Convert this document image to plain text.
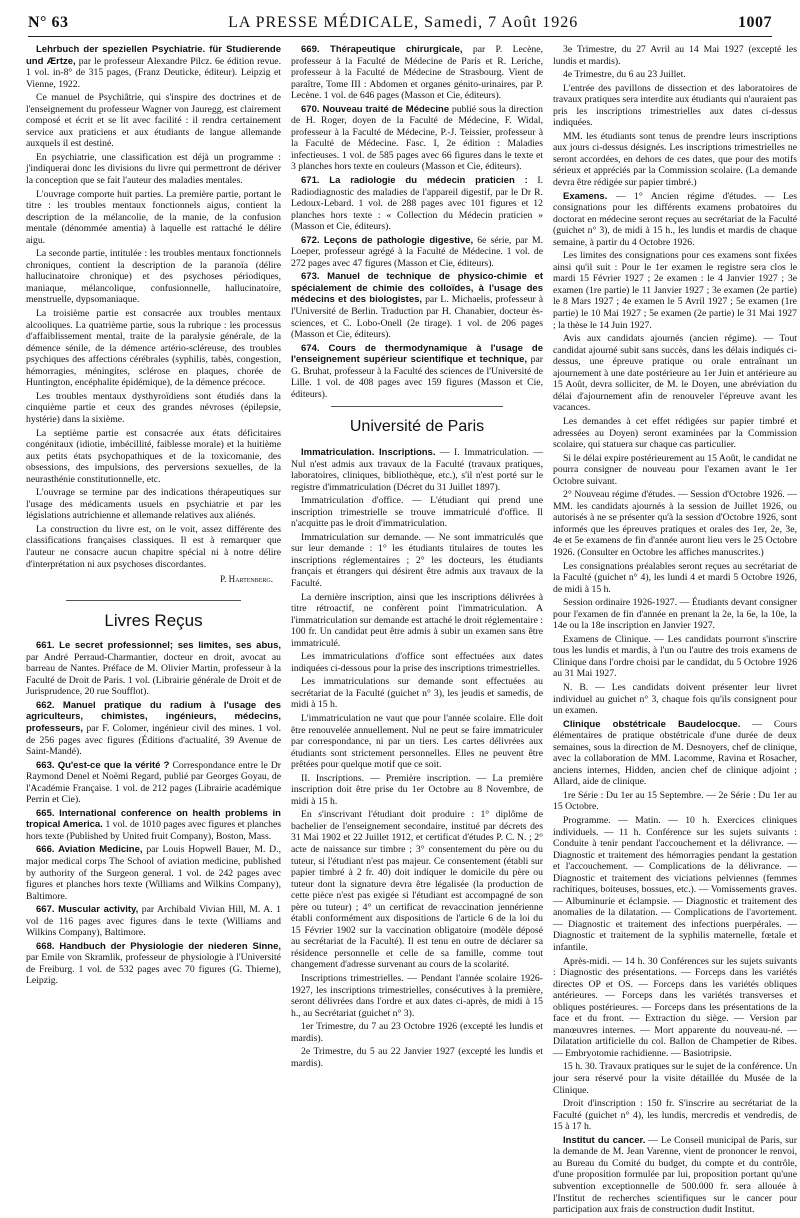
N° 63	LA PRESSE MÉDICALE, Samedi, 7 Août 1926	1007

Lehrbuch der speziellen Psychiatrie. für Studierende und Ærtze, par le professeur Alexandre Pilcz. 6e édition revue. 1 vol. in-8° de 315 pages, (Franz Deuticke, éditeur). Leipzig et Vienne, 1922.

Ce manuel de Psychiâtrie, qui s'inspire des doctrines et de l'enseignement du professeur Wagner von Jauregg, est clairement composé et écrit et se lit avec facilité : il rendra certainement service aux praticiens et aux étudiants de langue allemande auxquels il est destiné.

En psychiatrie, une classification est déjà un programme : j'indiquerai donc les divisions du livre qui permettront de dériver la conception que se fait l'auteur des maladies mentales.

L'ouvrage comporte huit parties. La première partie, portant le titre : les troubles mentaux fonctionnels aigus, contient la description de la mélancolie, de la manie, de la confusion mentale (dénommée amentia) à laquelle est rattaché le délire aigu.

La seconde partie, intitulée : les troubles mentaux fonctionnels chroniques, contient la description de la paranoïa (délire hallucinatoire chronique) et des psychoses périodiques, maniaque, mélancolique, confusionnelle, hallucinatoire, menstruelle, dypsomaniaque.

La troisième partie est consacrée aux troubles mentaux alcooliques. La quatrième partie, sous la rubrique : les processus d'affaiblissement mental, traite de la paralysie générale, de la démence sénile, de la démence artério-scléreuse, des troubles psychiques des affections cérébrales (syphilis, tabès, congestion, hémorragies, méningites, sclérose en plaques, chorée de Huntington, encéphalite épidémique), de la démence précoce.

Les troubles mentaux dysthyroïdiens sont étudiés dans la cinquième partie et ceux des grandes névroses (épilepsie, hystérie) dans la sixième.

La septième partie est consacrée aux états déficitaires congénitaux (idiotie, imbécillité, faiblesse morale) et la huitième aux petits états psychopathiques et de la toxicomanie, des obsessions, des impulsions, des perversions sexuelles, de la neurasthénie constitutionnelle, etc.

L'ouvrage se termine par des indications thérapeutiques sur l'usage des médicaments usuels en psychiatrie et par les législations autrichienne et allemande relatives aux aliénés.

La construction du livre est, on le voit, assez différente des classifications françaises classiques. Il est à remarquer que l'auteur ne consacre aucun chapitre spécial ni à notre délire d'interprétation ni aux psychoses discordantes.

P. Hartenberg.
Livres Reçus

661. Le secret professionnel; ses limites, ses abus, par André Perraud-Charmantier, docteur en droit, avocat au barreau de Nantes. Préface de M. Olivier Martin, professeur à la Faculté de Droit de Paris. 1 vol. (Librairie générale de Droit et de Jurisprudence, 20 rue Soufflot).

662. Manuel pratique du radium à l'usage des agriculteurs, chimistes, ingénieurs, médecins, professeurs, par F. Colomer, ingénieur civil des mines. 1 vol. de 256 pages avec figures (Éditions d'actualité, 39 Avenue de Saint-Mandé).

663. Qu'est-ce que la vérité ? Correspondance entre le Dr Raymond Denel et Noëmi Regard, publié par Georges Goyau, de l'Académie Française. 1 vol. de 212 pages (Librairie académique Perrin et Cie).

665. International conference on health problems in tropical America. 1 vol. de 1010 pages avec figures et planches hors texte (Published by United fruit Company), Boston, Mass.

666. Aviation Medicine, par Louis Hopwell Bauer, M. D., major medical corps The School of aviation medicine, published by authority of the Surgeon general. 1 vol. de 242 pages avec figures et planches hors texte (Williams and Wilkins Company), Baltimore.

667. Muscular activity, par Archibald Vivian Hill, M. A. 1 vol de 116 pages avec figures dans le texte (Williams and Wilkins Company), Baltimore.

668. Handbuch der Physiologie der niederen Sinne, par Emile von Skramlik, professeur de physiologie à l'Université de Freiburg. 1 vol. de 532 pages avec 70 figures (G. Thieme), Leipzig.

669. Thérapeutique chirurgicale, par P. Lecène, professeur à la Faculté de Médecine de Paris et R. Leriche, professeur à la Faculté de Médecine de Strasbourg. Vient de paraître, Tome III : Abdomen et organes génito-urinaires, par P. Lecène. 1 vol. de 646 pages (Masson et Cie, éditeurs).

670. Nouveau traité de Médecine publié sous la direction de H. Roger, doyen de la Faculté de Médecine, F. Widal, professeur à la Faculté de Médecine, P.-J. Teissier, professeur à la Faculté de Médecine. Fasc. I, 2e édition : Maladies infectieuses. 1 vol. de 585 pages avec 66 figures dans le texte et 3 planches hors texte en couleurs (Masson et Cie, éditeurs).

671. La radiologie du médecin praticien : I. Radiodiagnostic des maladies de l'appareil digestif, par le Dr R. Ledoux-Lebard. 1 vol. de 288 pages avec 101 figures et 12 planches hors texte : « Collection du Médecin praticien » (Masson et Cie, éditeurs).

672. Leçons de pathologie digestive, 6e série, par M. Loeper, professeur agrégé à la Faculté de Médecine. 1 vol. de 272 pages avec 47 figures (Masson et Cie, éditeurs).

673. Manuel de technique de physico-chimie et spécialement de chimie des colloïdes, à l'usage des médecins et des biologistes, par L. Michaelis, professeur à l'Université de Berlin. Traduction par H. Chanabier, docteur ès-sciences, et C. Lobo-Onell (2e tirage). 1 vol. de 206 pages (Masson et Cie, éditeurs).

674. Cours de thermodynamique à l'usage de l'enseignement supérieur scientifique et technique, par G. Bruhat, professeur à la Faculté des sciences de l'Université de Lille. 1 vol. de 408 pages avec 159 figures (Masson et Cie, éditeurs).

Université de Paris

Immatriculation. Inscriptions. — I. Immatriculation. — Nul n'est admis aux travaux de la Faculté (travaux pratiques, laboratoires, cliniques, bibliothèque, etc.), s'il n'est porté sur le registre d'immatriculation (Décret du 31 Juillet 1897).

Immatriculation d'office. — L'étudiant qui prend une inscription trimestrielle se trouve immatriculé d'office. Il n'acquitte pas le droit d'immatriculation.

Immatriculation sur demande. — Ne sont immatriculés que sur leur demande : 1° les étudiants titulaires de toutes les inscriptions réglementaires ; 2° les docteurs, les étudiants français et étrangers qui désirent être admis aux travaux de la Faculté.

La dernière inscription, ainsi que les inscriptions délivrées à titre rétroactif, ne confèrent point l'immatriculation. A l'immatriculation sur demande est attaché le droit réglementaire : 100 fr. Un candidat peut être admis à subir un examen sans être immatriculé.

Les immatriculations d'office sont effectuées aux dates indiquées ci-dessous pour la prise des inscriptions trimestrielles.

Les immatriculations sur demande sont effectuées au secrétariat de la Faculté (guichet n° 3), les jeudis et samedis, de midi à 15 h.

L'immatriculation ne vaut que pour l'année scolaire. Elle doit être renouvelée annuellement. Nul ne peut se faire immatriculer par correspondance, ni par un tiers. Les cartes délivrées aux étudiants sont strictement personnelles. Elles ne peuvent être prêtées pour quelque motif que ce soit.

II. Inscriptions. — Première inscription. — La première inscription doit être prise du 1er Octobre au 8 Novembre, de midi à 15 h.

En s'inscrivant l'étudiant doit produire : 1° diplôme de bachelier de l'enseignement secondaire, institué par décrets des 31 Mai 1902 et 22 Juillet 1912, et certificat d'études P. C. N. ; 2° acte de naissance sur timbre ; 3° consentement du père ou du tuteur, si l'étudiant n'est pas majeur. Ce consentement (établi sur papier timbré à 2 fr. 40) doit indiquer le domicile du père ou tuteur dont la signature devra être légalisée (la production de cette pièce n'est pas exigée si l'étudiant est accompagné de son père ou tuteur) ; 4° un certificat de revaccination jennérienne établi conformément aux dispositions de l'article 6 de la loi du 15 Février 1902 sur la vaccination obligatoire (modèle déposé au secrétariat de la Faculté). Il est tenu en outre de déclarer sa résidence personnelle et celle de sa famille, comme tout changement d'adresse survenant au cours de la scolarité.

Inscriptions trimestrielles. — Pendant l'année scolaire 1926-1927, les inscriptions trimestrielles, consécutives à la première, seront délivrées dans l'ordre et aux dates ci-après, de midi à 15 h., au Secrétariat (guichet n° 3).

1er Trimestre, du 7 au 23 Octobre 1926 (excepté les lundis et mardis).

2e Trimestre, du 5 au 22 Janvier 1927 (excepté les lundis et mardis).

3e Trimestre, du 27 Avril au 14 Mai 1927 (excepté les lundis et mardis).

4e Trimestre, du 6 au 23 Juillet.

L'entrée des pavillons de dissection et des laboratoires de travaux pratiques sera interdite aux étudiants qui n'auraient pas pris les inscriptions trimestrielles aux dates ci-dessus indiquées.

MM. les étudiants sont tenus de prendre leurs inscriptions aux jours ci-dessus désignés. Les inscriptions trimestrielles ne seront accordées, en dehors de ces dates, que pour des motifs sérieux et appréciés par la Commission scolaire. (La demande devra être rédigée sur papier timbré.)

Examens. — 1° Ancien régime d'études. — Les consignations pour les différents examens probatoires du doctorat en médecine seront reçues au secrétariat de la Faculté (guichet n° 3), de midi à 15 h., les lundis et mardis de chaque semaine, à partir du 4 Octobre 1926.

Les limites des consignations pour ces examens sont fixées ainsi qu'il suit : Pour le 1er examen le registre sera clos le mardi 15 Février 1927 ; 2e examen : le 4 Janvier 1927 ; 3e examen (1re partie) le 11 Janvier 1927 ; 3e examen (2e partie) le 8 Mars 1927 ; 4e examen le 5 Avril 1927 ; 5e examen (1re partie) le 10 Mai 1927 ; 5e examen (2e partie) le 31 Mai 1927 ; la thèse le 14 Juin 1927.

Avis aux candidats ajournés (ancien régime). — Tout candidat ajourné subit sans succès, dans les délais indiqués ci-dessus, une épreuve pratique ou orale entraînant un ajournement à une date postérieure au 1er Juin et antérieure au 15 Août, devra solliciter, de M. le Doyen, une abréviation du délai d'ajournement afin de renouveler l'épreuve avant les vacances.

Les demandes à cet effet rédigées sur papier timbré et adressées au Doyen) seront examinées par la Commission scolaire, qui statuera sur chaque cas particulier.

Si le délai expire postérieurement au 15 Août, le candidat ne pourra consigner de nouveau pour l'examen avant le 1er Octobre suivant.

2° Nouveau régime d'études. — Session d'Octobre 1926. — MM. les candidats ajournés à la session de Juillet 1926, ou autorisés à ne se présenter qu'à la session d'Octobre 1926, sont informés que les épreuves pratiques et orales des 1er, 2e, 3e, 4e et 5e examens de fin d'année auront lieu vers le 25 Octobre 1926. (Consulter en Octobre les affiches manuscrites.)

Les consignations préalables seront reçues au secrétariat de la Faculté (guichet n° 4), les lundi 4 et mardi 5 Octobre 1926, de midi à 15 h.

Session ordinaire 1926-1927. — Étudiants devant consigner pour l'examen de fin d'année en prenant la 2e, la 6e, la 10e, la 14e ou la 18e inscription en Janvier 1927.

Examens de Clinique. — Les candidats pourront s'inscrire tous les lundis et mardis, à l'un ou l'autre des trois examens de Clinique dans l'ordre choisi par le candidat, du 5 Octobre 1926 au 31 Mai 1927.

N. B. — Les candidats doivent présenter leur livret individuel au guichet n° 3, chaque fois qu'ils consignent pour un examen.

Clinique obstétricale Baudelocque. — Cours élémentaires de pratique obstétricale d'une durée de deux semaines, sous la direction de M. Desnoyers, chef de clinique, avec la collaboration de MM. Lacomme, Ravina et Rosacher, anciens internes, Hidden, ancien chef de clinique adjoint ; Allard, aide de clinique.

1re Série : Du 1er au 15 Septembre. — 2e Série : Du 1er au 15 Octobre.

Programme. — Matin. — 10 h. Exercices cliniques individuels. — 11 h. Conférence sur les sujets suivants : Conduite à tenir pendant l'accouchement et la délivrance. — Diagnostic et traitement des hémorragies pendant la gestation et l'accouchement. — Complications de la délivrance. — Diagnostic et traitement des viciations pelviennes (femmes rachitiques, boiteuses, bossues, etc.). — Vomissements graves. — Albuminurie et éclampsie. — Diagnostic et traitement des anomalies de la dilatation. — Complications de l'avortement. — Diagnostic et traitement des infections puerpérales. — Diagnostic et traitement de la syphilis maternelle, fœtale et infantile.

Après-midi. — 14 h. 30 Conférences sur les sujets suivants : Diagnostic des présentations. — Forceps dans les variétés directes OP et OS. — Forceps dans les variétés obliques antérieures. — Forceps dans les variétés transverses et obliques postérieures. — Forceps dans les présentations de la face et du front. — Extraction du siège. — Version par manœuvres internes. — Mort apparente du nouveau-né. — Dilatation artificielle du col. Ballon de Champetier de Ribes. — Embryotomie rachidienne. — Basiotripsie.

15 h. 30. Travaux pratiques sur le sujet de la conférence. Un jour sera réservé pour la visite détaillée du Musée de la Clinique.

Droit d'inscription : 150 fr. S'inscrire au secrétariat de la Faculté (guichet n° 4), les lundis, mercredis et vendredis, de 15 à 17 h.

Institut du cancer. — Le Conseil municipal de Paris, sur la demande de M. Jean Varenne, vient de prononcer le renvoi, au Bureau du Comité du budget, du compte et du contrôle, d'une proposition formulée par lui, proposition portant qu'une subvention exceptionnelle de 500.000 fr. sera allouée à l'Institut de recherches scientifiques sur le cancer pour participation aux frais de construction dudit Institut.
